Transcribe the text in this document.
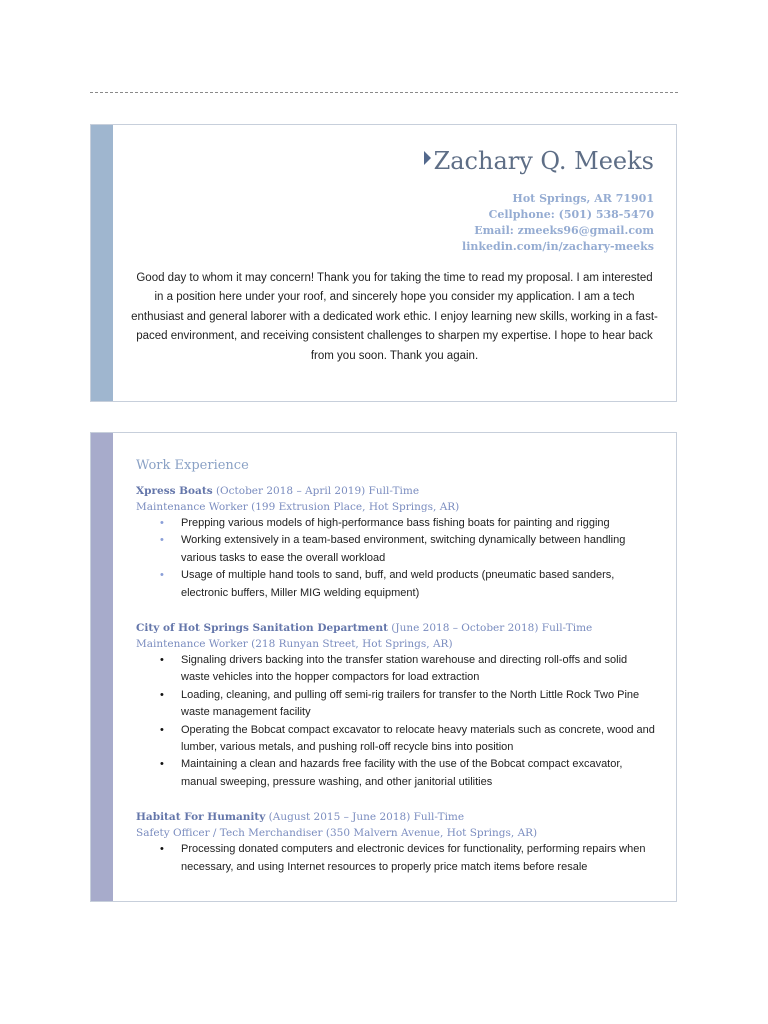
Zachary Q. Meeks
Hot Springs, AR 71901
Cellphone: (501) 538-5470
Email: zmeeks96@gmail.com
linkedin.com/in/zachary-meeks
Good day to whom it may concern! Thank you for taking the time to read my proposal. I am interested in a position here under your roof, and sincerely hope you consider my application. I am a tech enthusiast and general laborer with a dedicated work ethic. I enjoy learning new skills, working in a fast-paced environment, and receiving consistent challenges to sharpen my expertise. I hope to hear back from you soon. Thank you again.
Work Experience
Xpress Boats (October 2018 – April 2019) Full-Time
Maintenance Worker (199 Extrusion Place, Hot Springs, AR)
• Prepping various models of high-performance bass fishing boats for painting and rigging
• Working extensively in a team-based environment, switching dynamically between handling various tasks to ease the overall workload
• Usage of multiple hand tools to sand, buff, and weld products (pneumatic based sanders, electronic buffers, Miller MIG welding equipment)
City of Hot Springs Sanitation Department (June 2018 – October 2018) Full-Time
Maintenance Worker (218 Runyan Street, Hot Springs, AR)
• Signaling drivers backing into the transfer station warehouse and directing roll-offs and solid waste vehicles into the hopper compactors for load extraction
• Loading, cleaning, and pulling off semi-rig trailers for transfer to the North Little Rock Two Pine waste management facility
• Operating the Bobcat compact excavator to relocate heavy materials such as concrete, wood and lumber, various metals, and pushing roll-off recycle bins into position
• Maintaining a clean and hazards free facility with the use of the Bobcat compact excavator, manual sweeping, pressure washing, and other janitorial utilities
Habitat For Humanity (August 2015 – June 2018) Full-Time
Safety Officer / Tech Merchandiser (350 Malvern Avenue, Hot Springs, AR)
• Processing donated computers and electronic devices for functionality, performing repairs when necessary, and using Internet resources to properly price match items before resale
